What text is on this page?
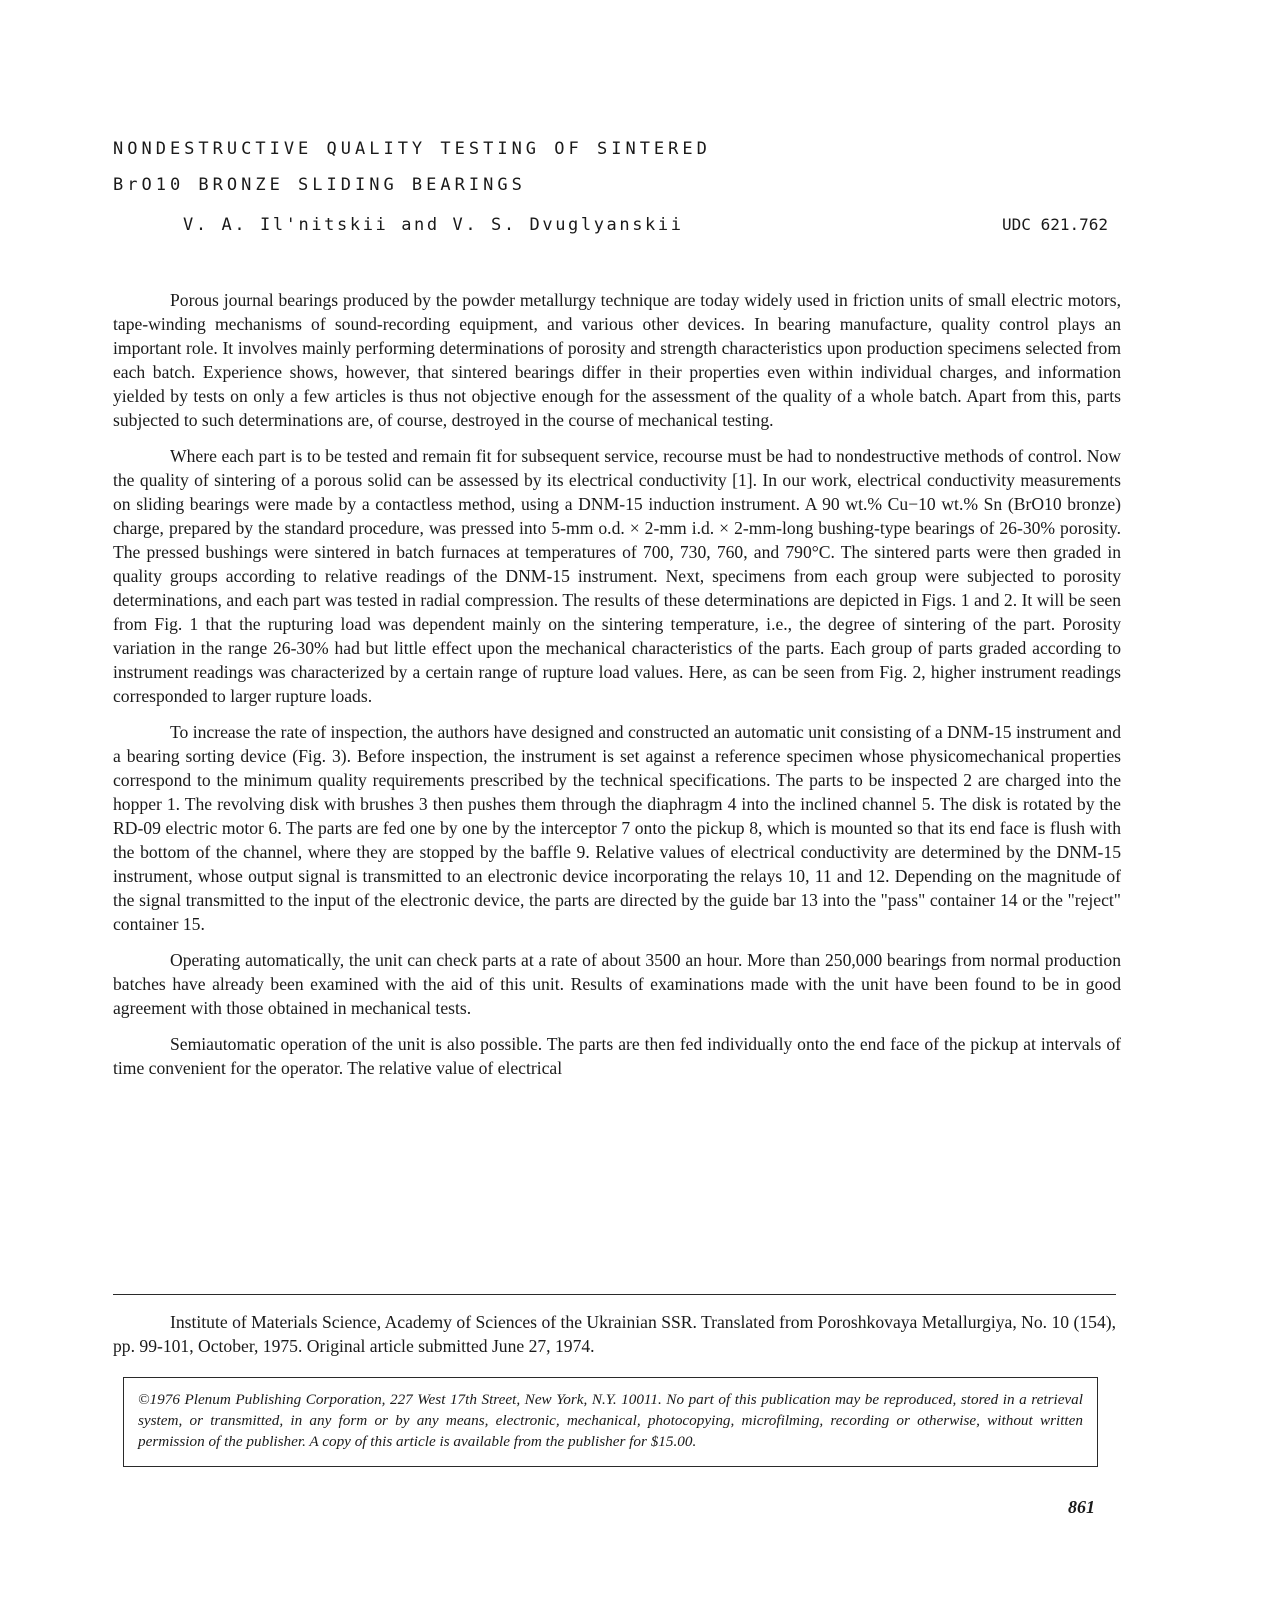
NONDESTRUCTIVE QUALITY TESTING OF SINTERED
BrO10 BRONZE SLIDING BEARINGS
V. A. Il'nitskii and V. S. Dvuglyanskii	UDC 621.762

Porous journal bearings produced by the powder metallurgy technique are today widely used in friction units of small electric motors, tape-winding mechanisms of sound-recording equipment, and various other devices. In bearing manufacture, quality control plays an important role. It involves mainly performing determinations of porosity and strength characteristics upon production specimens selected from each batch. Experience shows, however, that sintered bearings differ in their properties even within individual charges, and information yielded by tests on only a few articles is thus not objective enough for the assessment of the quality of a whole batch. Apart from this, parts subjected to such determinations are, of course, destroyed in the course of mechanical testing.

Where each part is to be tested and remain fit for subsequent service, recourse must be had to nondestructive methods of control. Now the quality of sintering of a porous solid can be assessed by its electrical conductivity [1]. In our work, electrical conductivity measurements on sliding bearings were made by a contactless method, using a DNM-15 induction instrument. A 90 wt.% Cu−10 wt.% Sn (BrO10 bronze) charge, prepared by the standard procedure, was pressed into 5-mm o.d. × 2-mm i.d. × 2-mm-long bushing-type bearings of 26-30% porosity. The pressed bushings were sintered in batch furnaces at temperatures of 700, 730, 760, and 790°C. The sintered parts were then graded in quality groups according to relative readings of the DNM-15 instrument. Next, specimens from each group were subjected to porosity determinations, and each part was tested in radial compression. The results of these determinations are depicted in Figs. 1 and 2. It will be seen from Fig. 1 that the rupturing load was dependent mainly on the sintering temperature, i.e., the degree of sintering of the part. Porosity variation in the range 26-30% had but little effect upon the mechanical characteristics of the parts. Each group of parts graded according to instrument readings was characterized by a certain range of rupture load values. Here, as can be seen from Fig. 2, higher instrument readings corresponded to larger rupture loads.

To increase the rate of inspection, the authors have designed and constructed an automatic unit consisting of a DNM-15 instrument and a bearing sorting device (Fig. 3). Before inspection, the instrument is set against a reference specimen whose physicomechanical properties correspond to the minimum quality requirements prescribed by the technical specifications. The parts to be inspected 2 are charged into the hopper 1. The revolving disk with brushes 3 then pushes them through the diaphragm 4 into the inclined channel 5. The disk is rotated by the RD-09 electric motor 6. The parts are fed one by one by the interceptor 7 onto the pickup 8, which is mounted so that its end face is flush with the bottom of the channel, where they are stopped by the baffle 9. Relative values of electrical conductivity are determined by the DNM-15 instrument, whose output signal is transmitted to an electronic device incorporating the relays 10, 11 and 12. Depending on the magnitude of the signal transmitted to the input of the electronic device, the parts are directed by the guide bar 13 into the "pass" container 14 or the "reject" container 15.

Operating automatically, the unit can check parts at a rate of about 3500 an hour. More than 250,000 bearings from normal production batches have already been examined with the aid of this unit. Results of examinations made with the unit have been found to be in good agreement with those obtained in mechanical tests.

Semiautomatic operation of the unit is also possible. The parts are then fed individually onto the end face of the pickup at intervals of time convenient for the operator. The relative value of electrical

Institute of Materials Science, Academy of Sciences of the Ukrainian SSR. Translated from Poroshkovaya Metallurgiya, No. 10 (154), pp. 99-101, October, 1975. Original article submitted June 27, 1974.

©1976 Plenum Publishing Corporation, 227 West 17th Street, New York, N.Y. 10011. No part of this publication may be reproduced, stored in a retrieval system, or transmitted, in any form or by any means, electronic, mechanical, photocopying, microfilming, recording or otherwise, without written permission of the publisher. A copy of this article is available from the publisher for $15.00.

861
